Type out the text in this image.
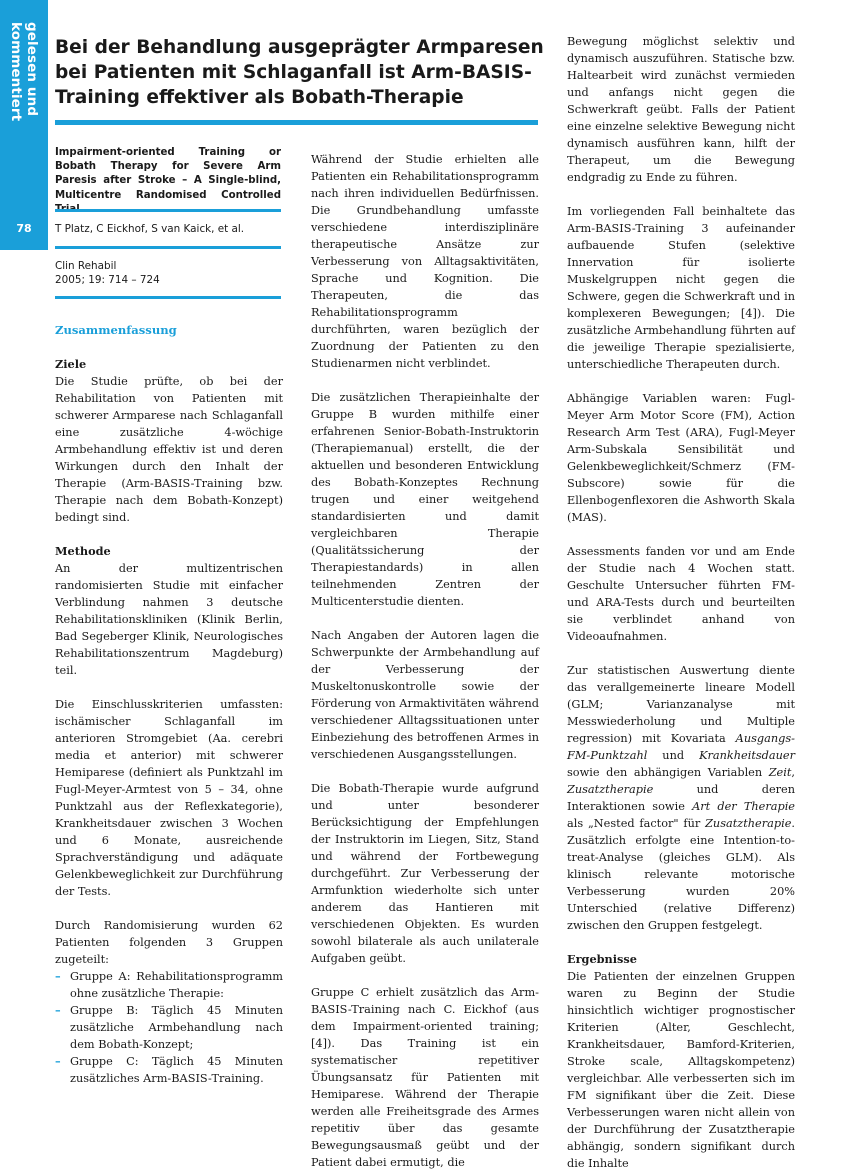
gelesen und kommentiert
78
Bei der Behandlung ausgeprägter Armparesen bei Patienten mit Schlaganfall ist Arm-BASIS-Training effektiver als Bobath-Therapie

Impairment-oriented Training or Bobath Therapy for Severe Arm Paresis after Stroke – A Single-blind, Multicentre Randomised Controlled

T Platz, C Eickhof, S van Kaick, et al.
Clin Rehabil
2005; 19: 714 – 724

Zusammenfassung

Ziele

Die Studie prüfte, ob bei der Rehabilitation von Patienten mit schwerer Armparese nach Schlaganfall eine zusätzliche 4-wöchige Armbehandlung effektiv ist und deren Wirkungen durch den Inhalt der Therapie (Arm-BASIS-Training bzw. Therapie nach dem Bobath-Konzept) bedingt sind.

Methode

An der multizentrischen randomisierten Studie mit einfacher Verblindung nahmen 3 deutsche Rehabilitationskliniken (Klinik Berlin, Bad Segeberger Klinik, Neurologisches Rehabilitationszentrum Magdeburg) teil.

Die Einschlusskriterien umfassten: ischämischer Schlaganfall im anterioren Stromgebiet (Aa. cerebri media et anterior) mit schwerer Hemiparese (definiert als Punktzahl im Fugl-Meyer-Armtest von 5 – 34, ohne Punktzahl aus der Reflexkategorie), Krankheitsdauer zwischen 3 Wochen und 6 Monate, ausreichende Sprachverständigung und adäquate Gelenkbeweglichkeit zur Durchführung der Tests.

Durch Randomisierung wurden 62 Patienten folgenden 3 Gruppen zugeteilt:

– Gruppe A: Rehabilitationsprogramm ohne zusätzliche Therapie:
– Gruppe B: Täglich 45 Minuten zusätzliche Armbehandlung nach dem Bobath-Konzept;
– Gruppe C: Täglich 45 Minuten zusätzliches Arm-BASIS-Training.

Während der Studie erhielten alle Patienten ein Rehabilitationsprogramm nach ihren individuellen Bedürfnissen. Die Grundbehandlung umfasste verschiedene interdisziplinäre therapeutische Ansätze zur Verbesserung von Alltagsaktivitäten, Sprache und Kognition. Die Therapeuten, die das Rehabilitationsprogramm durchführten, waren bezüglich der Zuordnung der Patienten zu den Studienarmen nicht verblindet.

Die zusätzlichen Therapieinhalte der Gruppe B wurden mithilfe einer erfahrenen Senior-Bobath-Instruktorin (Therapiemanual) erstellt, die der aktuellen und besonderen Entwicklung des Bobath-Konzeptes Rechnung trugen und einer weitgehend standardisierten und damit vergleichbaren Therapie (Qualitätssicherung der Therapiestandards) in allen teilnehmenden Zentren der Multicenterstudie dienten.

Nach Angaben der Autoren lagen die Schwerpunkte der Armbehandlung auf der Verbesserung der Muskeltonuskontrolle sowie der Förderung von Armaktivitäten während verschiedener Alltagssituationen unter Einbeziehung des betroffenen Armes in verschiedenen Ausgangsstellungen.

Die Bobath-Therapie wurde aufgrund und unter besonderer Berücksichtigung der Empfehlungen der Instruktorin im Liegen, Sitz, Stand und während der Fortbewegung durchgeführt. Zur Verbesserung der Armfunktion wiederholte sich unter anderem das Hantieren mit verschiedenen Objekten. Es wurden sowohl bilaterale als auch unilaterale Aufgaben geübt.

Gruppe C erhielt zusätzlich das Arm-BASIS-Training nach C. Eickhof (aus dem Impairment-oriented training; [4]). Das Training ist ein systematischer repetitiver Übungsansatz für Patienten mit Hemiparese. Während der Therapie werden alle Freiheitsgrade des Armes repetitiv über das gesamte Bewegungsausmaß geübt und der Patient dabei ermutigt, die

Bewegung möglichst selektiv und dynamisch auszuführen. Statische bzw. Haltearbeit wird zunächst vermieden und anfangs nicht gegen die Schwerkraft geübt. Falls der Patient eine einzelne selektive Bewegung nicht dynamisch ausführen kann, hilft der Therapeut, um die Bewegung endgradig zu Ende zu führen.

Im vorliegenden Fall beinhaltete das Arm-BASIS-Training 3 aufeinander aufbauende Stufen (selektive Innervation für isolierte Muskelgruppen nicht gegen die Schwere, gegen die Schwerkraft und in komplexeren Bewegungen; [4]). Die zusätzliche Armbehandlung führten auf die jeweilige Therapie spezialisierte, unterschiedliche Therapeuten durch.

Abhängige Variablen waren: Fugl-Meyer Arm Motor Score (FM), Action Research Arm Test (ARA), Fugl-Meyer Arm-Subskala Sensibilität und Gelenkbeweglichkeit/Schmerz (FM-Subscore) sowie für die Ellenbogenflexoren die Ashworth Skala (MAS).

Assessments fanden vor und am Ende der Studie nach 4 Wochen statt. Geschulte Untersucher führten FM- und ARA-Tests durch und beurteilten sie verblindet anhand von Videoaufnahmen.

Zur statistischen Auswertung diente das verallgemeinerte lineare Modell (GLM; Varianzanalyse mit Messwiederholung und Multiple regression) mit Kovariata Ausgangs-FM-Punktzahl und Krankheitsdauer sowie den abhängigen Variablen Zeit, Zusatztherapie und deren Interaktionen sowie Art der Therapie als „Nested factor" für Zusatztherapie. Zusätzlich erfolgte eine Intention-to-treat-Analyse (gleiches GLM). Als klinisch relevante motorische Verbesserung wurden 20% Unterschied (relative Differenz) zwischen den Gruppen festgelegt.

Ergebnisse

Die Patienten der einzelnen Gruppen waren zu Beginn der Studie hinsichtlich wichtiger prognostischer Kriterien (Alter, Geschlecht, Krankheitsdauer, Bamford-Kriterien, Stroke scale, Alltagskompetenz) vergleichbar. Alle verbesserten sich im FM signifikant über die Zeit. Diese Verbesserungen waren nicht allein von der Durchführung der Zusatztherapie abhängig, sondern signifikant durch die Inhalte
